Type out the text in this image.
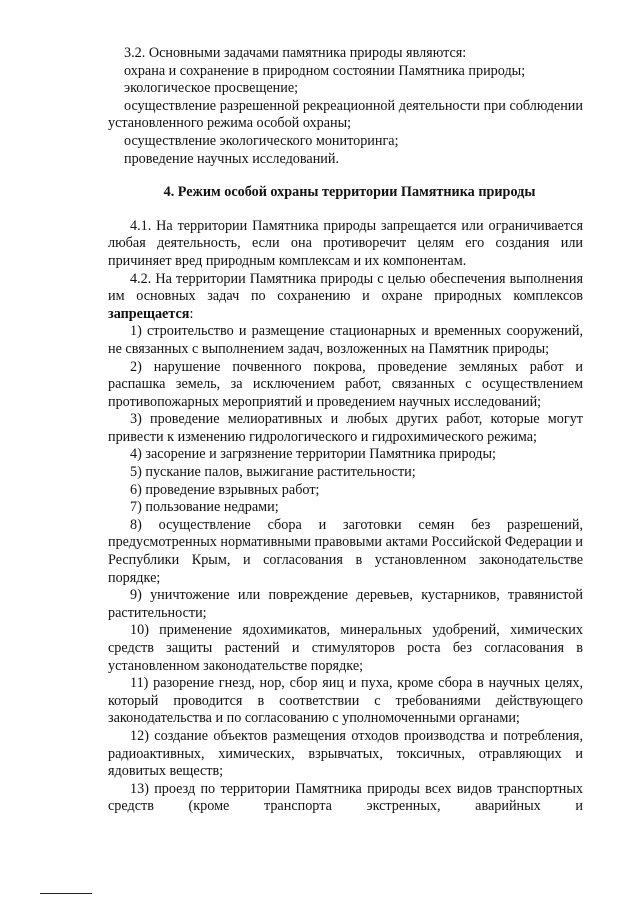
3.2. Основными задачами памятника природы являются:

охрана и сохранение в природном состоянии Памятника природы;

экологическое просвещение;

осуществление разрешенной рекреационной деятельности при соблюдении установленного режима особой охраны;

осуществление экологического мониторинга;

проведение научных исследований.

4. Режим особой охраны территории Памятника природы

4.1. На территории Памятника природы запрещается или ограничивается любая деятельность, если она противоречит целям его создания или причиняет вред природным комплексам и их компонентам.

4.2. На территории Памятника природы с целью обеспечения выполнения им основных задач по сохранению и охране природных комплексов запрещается:

1) строительство и размещение стационарных и временных сооружений, не связанных с выполнением задач, возложенных на Памятник природы;

2) нарушение почвенного покрова, проведение земляных работ и распашка земель, за исключением работ, связанных с осуществлением противопожарных мероприятий и проведением научных исследований;

3) проведение мелиоративных и любых других работ, которые могут привести к изменению гидрологического и гидрохимического режима;

4) засорение и загрязнение территории Памятника природы;

5) пускание палов, выжигание растительности;

6) проведение взрывных работ;

7) пользование недрами;

8) осуществление сбора и заготовки семян без разрешений, предусмотренных нормативными правовыми актами Российской Федерации и Республики Крым, и согласования в установленном законодательстве порядке;

9) уничтожение или повреждение деревьев, кустарников, травянистой растительности;

10) применение ядохимикатов, минеральных удобрений, химических средств защиты растений и стимуляторов роста без согласования в установленном законодательстве порядке;

11) разорение гнезд, нор, сбор яиц и пуха, кроме сбора в научных целях, который проводится в соответствии с требованиями действующего законодательства и по согласованию с уполномоченными органами;

12) создание объектов размещения отходов производства и потребления, радиоактивных, химических, взрывчатых, токсичных, отравляющих и ядовитых веществ;

13) проезд по территории Памятника природы всех видов транспортных средств (кроме транспорта экстренных, аварийных и
